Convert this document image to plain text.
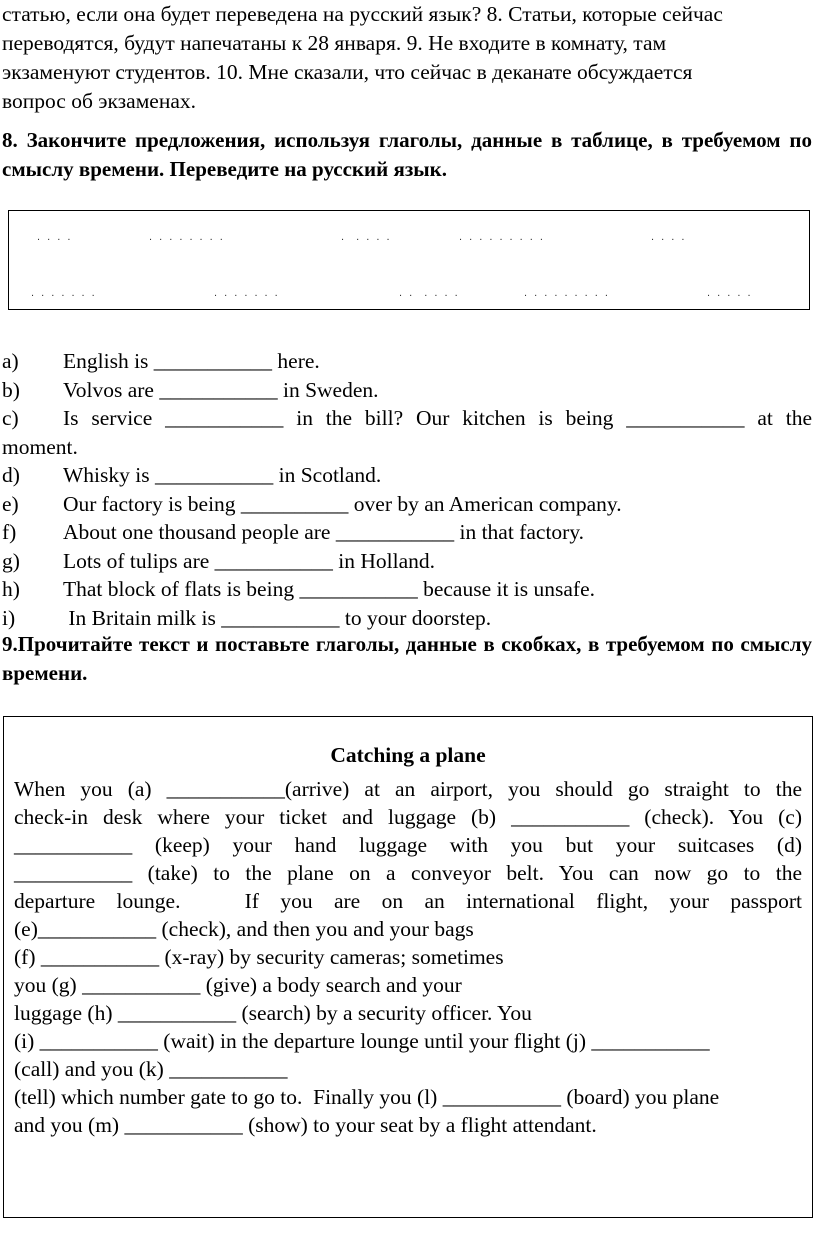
статью, если она будет переведена на русский язык? 8. Статьи, которые сейчас

переводятся, будут напечатаны к 28 января. 9. Не входите в комнату, там

экзаменуют студентов. 10. Мне сказали, что сейчас в деканате обсуждается

вопрос об экзаменах.

8. Закончите предложения, используя глаголы, данные в таблице, в требуемом по смыслу времени. Переведите на русский язык.
. . . .	. . . . . . . .	.  . . . .	. . . . . . . . .	. . . .
. . . . . . .	. . . . . . .	. .  . . . .	. . . . . . . . .	. . . . .
a)	English is ___________ here.
b)	Volvos are ___________ in Sweden.
c)	Is service ___________ in the bill? Our kitchen is being ___________ at the
moment.
d)	Whisky is ___________ in Scotland.
e)	Our factory is being __________ over by an American company.
f)	About one thousand people are ___________ in that factory.
g)	Lots of tulips are ___________ in Holland.
h)	That block of flats is being ___________ because it is unsafe.
i)	In Britain milk is ___________ to your doorstep.
9.Прочитайте текст и поставьте глаголы, данные в скобках, в требуемом по смыслу времени.
Catching a plane

When you (a) ___________(arrive) at an airport, you should go straight to the

check-in desk where your ticket and luggage (b) ___________ (check). You (c)

___________ (keep) your hand luggage with you but your suitcases (d)

___________ (take) to the plane on a conveyor belt. You can now go to the

departure lounge.   If you are on an international flight, your passport

(e)___________ (check), and then you and your bags

(f) ___________ (x-ray) by security cameras; sometimes

you (g) ___________ (give) a body search and your

luggage (h) ___________ (search) by a security officer. You

(i) ___________ (wait) in the departure lounge until your flight (j) ___________

(call) and you (k) ___________

(tell) which number gate to go to.  Finally you (l) ___________ (board) you plane

and you (m) ___________ (show) to your seat by a flight attendant.
